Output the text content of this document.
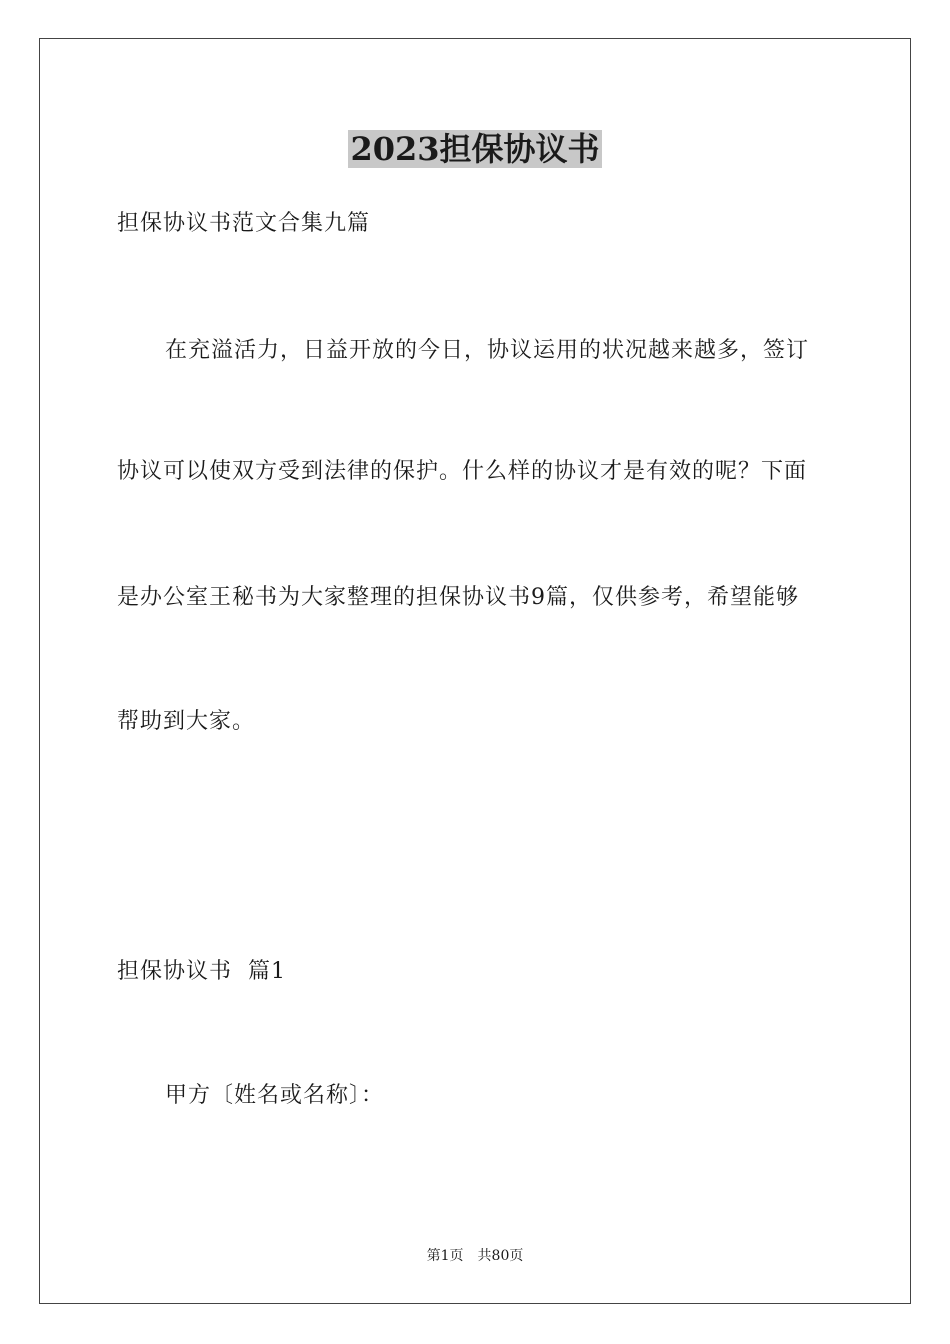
2023担保协议书
担保协议书范文合集九篇
在充溢活力，日益开放的今日，协议运用的状况越来越多，签订
协议可以使双方受到法律的保护。什么样的协议才是有效的呢？下面
是办公室王秘书为大家整理的担保协议书9篇，仅供参考，希望能够
帮助到大家。
担保协议书  篇1
甲方〔姓名或名称〕：
第1页 共80页
